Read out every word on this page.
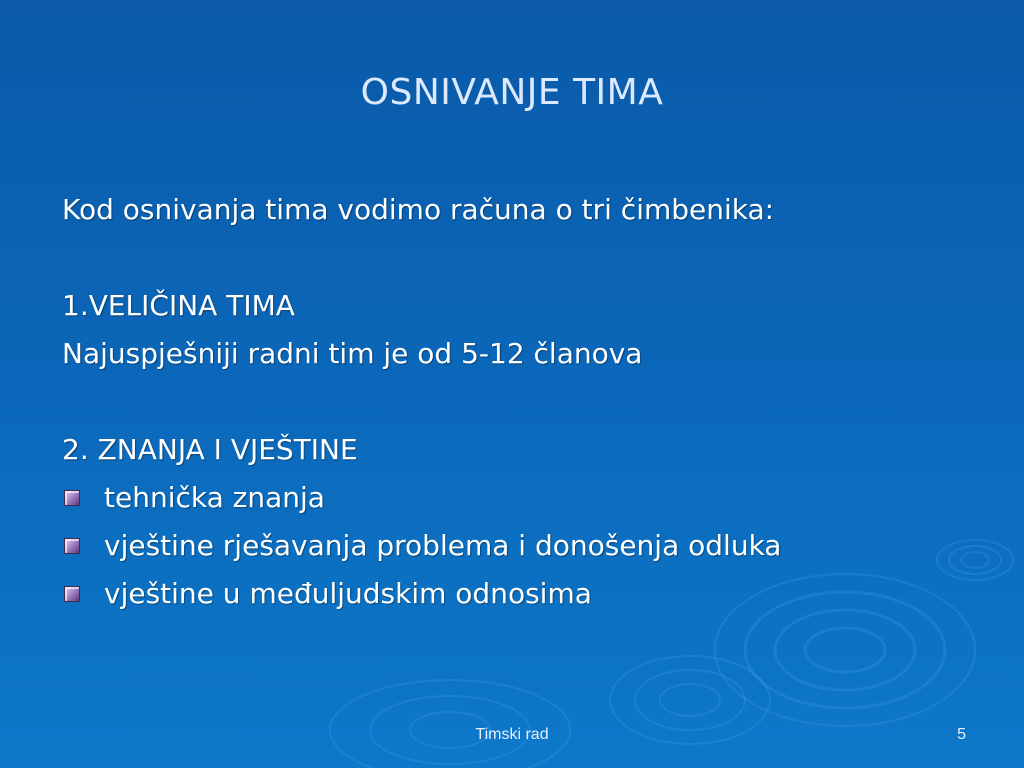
OSNIVANJE TIMA
Kod osnivanja tima vodimo računa o tri čimbenika:
1.VELIČINA TIMA
Najuspješniji radni tim je od 5-12 članova
2. ZNANJA I VJEŠTINE
tehnička znanja
vještine rješavanja problema i donošenja odluka
vještine u međuljudskim odnosima
Timski rad	5
